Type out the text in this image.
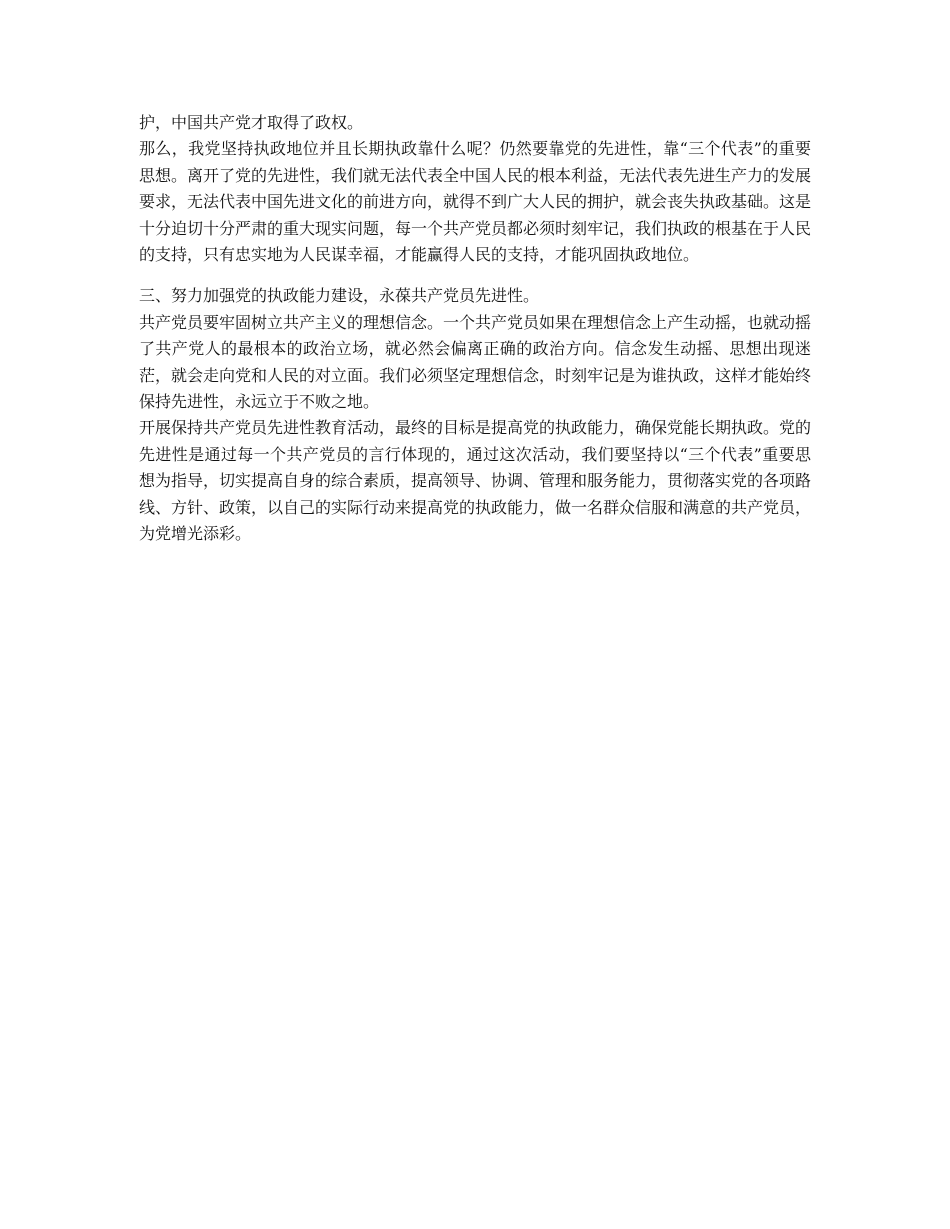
护，中国共产党才取得了政权。

那么，我党坚持执政地位并且长期执政靠什么呢？仍然要靠党的先进性，靠“三个代表”的重要思想。离开了党的先进性，我们就无法代表全中国人民的根本利益，无法代表先进生产力的发展要求，无法代表中国先进文化的前进方向，就得不到广大人民的拥护，就会丧失执政基础。这是十分迫切十分严肃的重大现实问题，每一个共产党员都必须时刻牢记，我们执政的根基在于人民的支持，只有忠实地为人民谋幸福，才能赢得人民的支持，才能巩固执政地位。

三、努力加强党的执政能力建设，永葆共产党员先进性。

共产党员要牢固树立共产主义的理想信念。一个共产党员如果在理想信念上产生动摇，也就动摇了共产党人的最根本的政治立场，就必然会偏离正确的政治方向。信念发生动摇、思想出现迷茫，就会走向党和人民的对立面。我们必须坚定理想信念，时刻牢记是为谁执政，这样才能始终保持先进性，永远立于不败之地。

开展保持共产党员先进性教育活动，最终的目标是提高党的执政能力，确保党能长期执政。党的先进性是通过每一个共产党员的言行体现的，通过这次活动，我们要坚持以“三个代表”重要思想为指导，切实提高自身的综合素质，提高领导、协调、管理和服务能力，贯彻落实党的各项路线、方针、政策，以自己的实际行动来提高党的执政能力，做一名群众信服和满意的共产党员，为党增光添彩。
